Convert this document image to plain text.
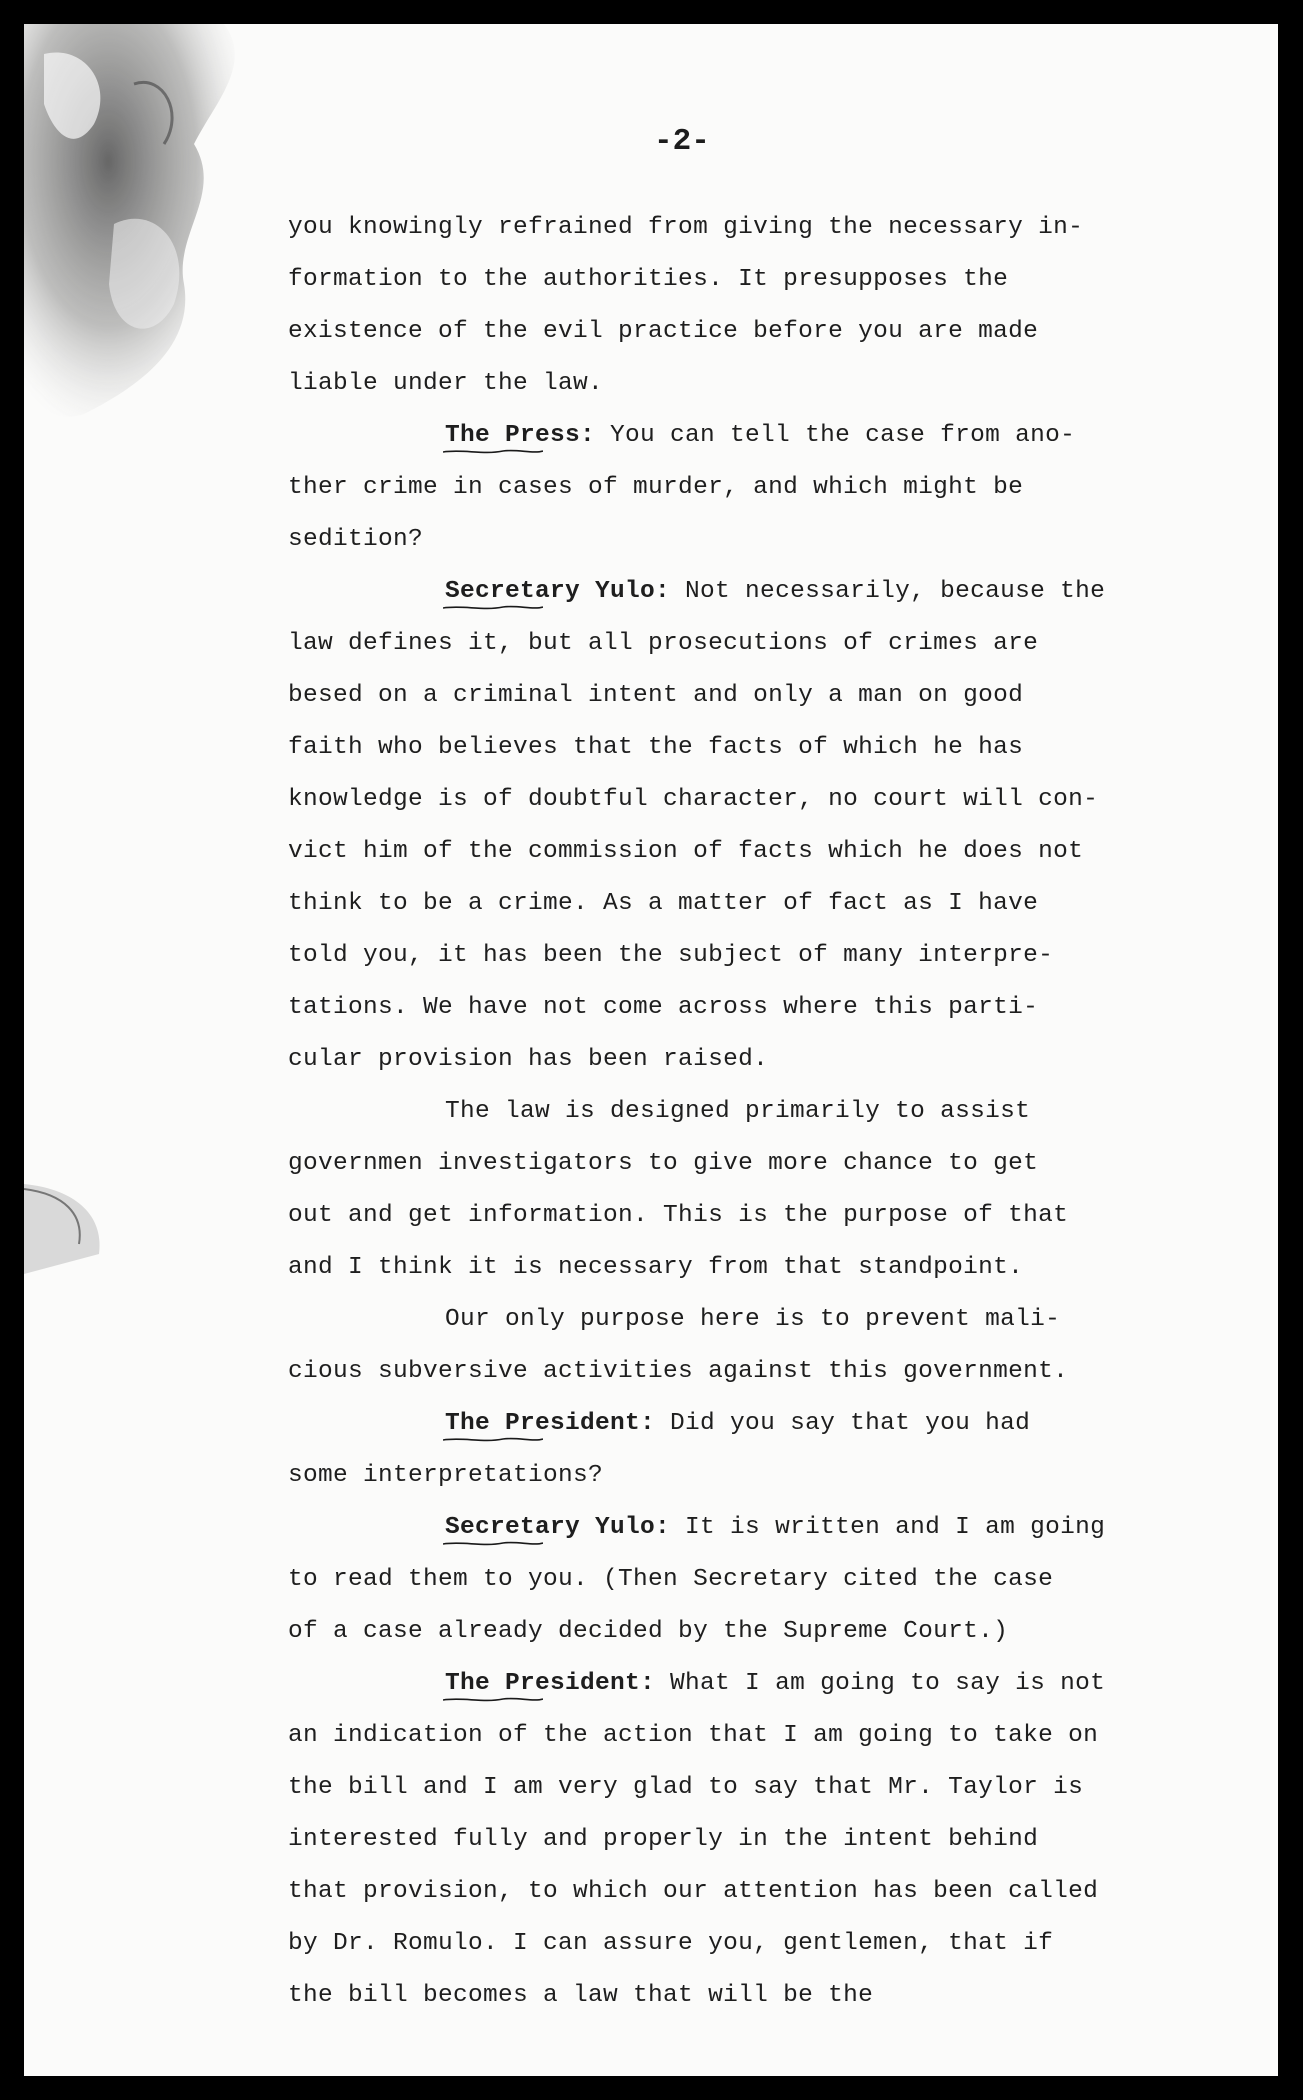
-2-
you knowingly refrained from giving the necessary in-
formation to the authorities. It presupposes the
existence of the evil practice before you are made
liable under the law.
The Press:
You can tell the case from ano-
ther crime in cases of murder, and which might be
sedition?
Secretary Yulo:
Not necessarily, because the
law defines it, but all prosecutions of crimes are
besed on a criminal intent and only a man on good
faith who believes that the facts of which he has
knowledge is of doubtful character, no court will con-
vict him of the commission of facts which he does not
think to be a crime. As a matter of fact as I have
told you, it has been the subject of many interpre-
tations. We have not come across where this parti-
cular provision has been raised.
The law is designed primarily to assist
governmen investigators to give more chance to get
out and get information. This is the purpose of that
and I think it is necessary from that standpoint.
Our only purpose here is to prevent mali-
cious subversive activities against this government.
The President:
Did you say that you had
some interpretations?
Secretary Yulo:
It is written and I am going
to read them to you. (Then Secretary cited the case
of a case already decided by the Supreme Court.)
The President:
What I am going to say is not
an indication of the action that I am going to take on
the bill and I am very glad to say that Mr. Taylor is
interested fully and properly in the intent behind
that provision, to which our attention has been called
by Dr. Romulo. I can assure you, gentlemen, that if
the bill becomes a law that will be the
